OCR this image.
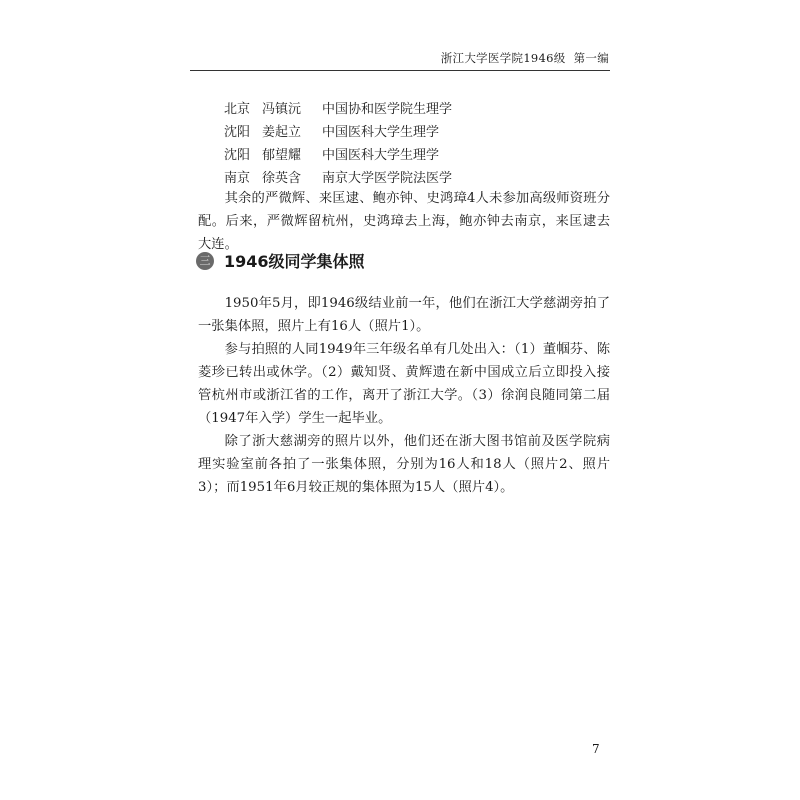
浙江大学医学院1946级 第一编
北京 冯镇沅 中国协和医学院生理学
沈阳 姜起立 中国医科大学生理学
沈阳 郁望耀 中国医科大学生理学
南京 徐英含 南京大学医学院法医学

其余的严微辉、来匡逮、鲍亦钟、史鸿璋4人未参加高级师资班分配。后来，严微辉留杭州，史鸿璋去上海，鲍亦钟去南京，来匡逮去大连。

三 1946级同学集体照

1950年5月，即1946级结业前一年，他们在浙江大学慈湖旁拍了一张集体照，照片上有16人（照片1）。

参与拍照的人同1949年三年级名单有几处出入：（1）董帼芬、陈菱珍已转出或休学。（2）戴知贤、黄辉遗在新中国成立后立即投入接管杭州市或浙江省的工作，离开了浙江大学。（3）徐润良随同第二届（1947年入学）学生一起毕业。

除了浙大慈湖旁的照片以外，他们还在浙大图书馆前及医学院病理实验室前各拍了一张集体照，分别为16人和18人（照片2、照片3）；而1951年6月较正规的集体照为15人（照片4）。

7
